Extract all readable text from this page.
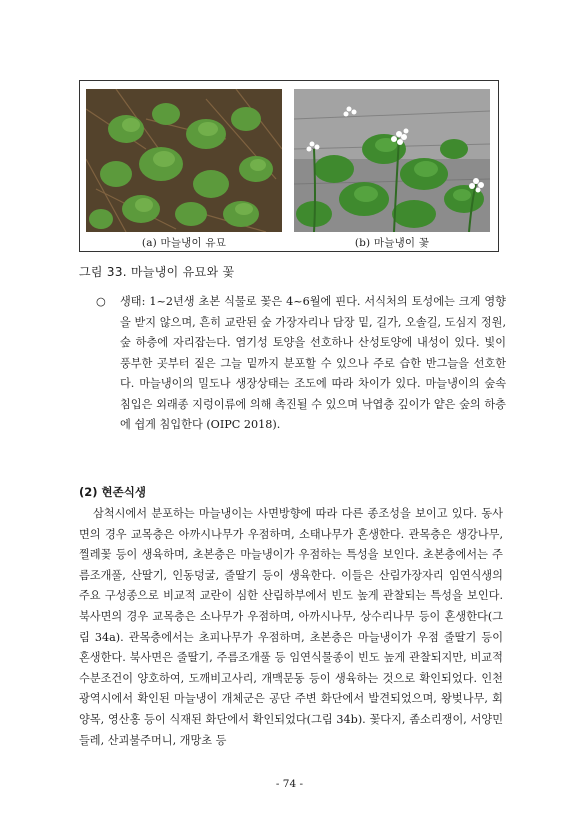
(a) 마늘냉이 유묘	(b) 마늘냉이 꽃
그림 33. 마늘냉이 유묘와 꽃
○	생태: 1~2년생 초본 식물로 꽃은 4~6월에 핀다. 서식처의 토성에는 크게 영향을 받지 않으며, 흔히 교란된 숲 가장자리나 담장 밑, 길가, 오솔길, 도심지 정원, 숲 하층에 자리잡는다. 염기성 토양을 선호하나 산성토양에 내성이 있다. 빛이 풍부한 곳부터 짙은 그늘 밑까지 분포할 수 있으나 주로 습한 반그늘을 선호한다. 마늘냉이의 밀도나 생장상태는 조도에 따라 차이가 있다. 마늘냉이의 숲속 침입은 외래종 지렁이류에 의해 촉진될 수 있으며 낙엽층 깊이가 얕은 숲의 하층에 쉽게 침입한다 (OIPC 2018).
(2) 현존식생
삼척시에서 분포하는 마늘냉이는 사면방향에 따라 다른 종조성을 보이고 있다. 동사면의 경우 교목층은 아까시나무가 우점하며, 소태나무가 혼생한다. 관목층은 생강나무, 찔레꽃 등이 생육하며, 초본층은 마늘냉이가 우점하는 특성을 보인다. 초본층에서는 주름조개풀, 산딸기, 인동덩굴, 줄딸기 등이 생육한다. 이들은 산림가장자리 임연식생의 주요 구성종으로 비교적 교란이 심한 산림하부에서 빈도 높게 관찰되는 특성을 보인다. 북사면의 경우 교목층은 소나무가 우점하며, 아까시나무, 상수리나무 등이 혼생한다(그림 34a). 관목층에서는 초피나무가 우점하며, 초본층은 마늘냉이가 우점 줄딸기 등이 혼생한다. 북사면은 줄딸기, 주름조개풀 등 임연식물종이 빈도 높게 관찰되지만, 비교적 수분조건이 양호하여, 도깨비고사리, 개맥문동 등이 생육하는 것으로 확인되었다. 인천광역시에서 확인된 마늘냉이 개체군은 공단 주변 화단에서 발견되었으며, 왕벚나무, 회양목, 영산홍 등이 식재된 화단에서 확인되었다(그림 34b). 꽃다지, 좀소리쟁이, 서양민들레, 산괴불주머니, 개망초 등
- 74 -
